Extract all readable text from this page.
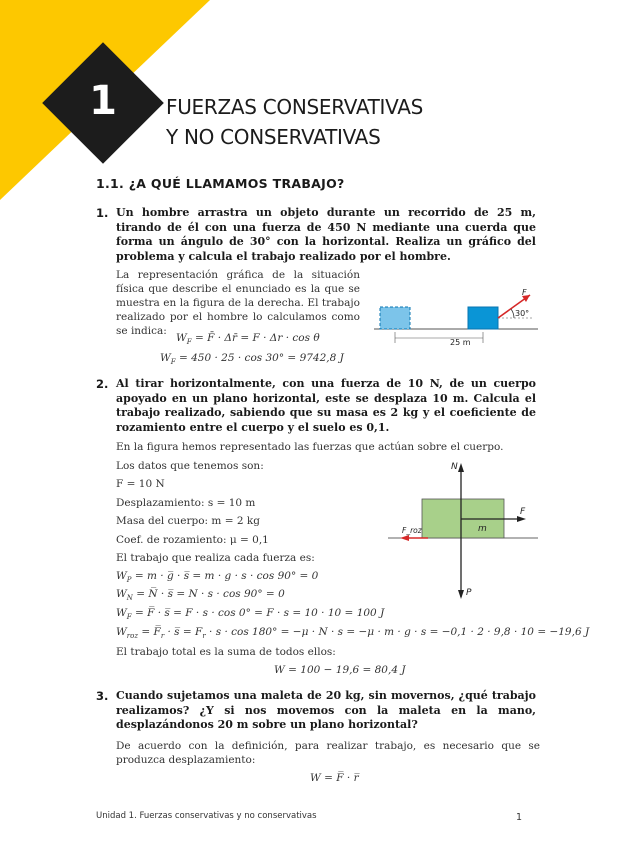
1	FUERZAS CONSERVATIVAS
Y NO CONSERVATIVAS
1.1. ¿A QUÉ LLAMAMOS TRABAJO?
1. Un hombre arrastra un objeto durante un recorrido de 25 m, tirando de él con una fuerza de 450 N mediante una cuerda que forma un ángulo de 30° con la horizontal. Realiza un gráfico del problema y calcula el trabajo realizado por el hombre.
La representación gráfica de la situación física que describe el enunciado es la que se muestra en la figura de la derecha. El trabajo realizado por el hombre lo calculamos como se indica:
$W_F$ = F̄ · Δr̄ = F · Δr · cos θ
$W_F = 450 \cdot 25 \cdot \cos 30^\circ = 9742,8$ J
30°
F
25 m
2. Al tirar horizontalmente, con una fuerza de 10 N, de un cuerpo apoyado en un plano horizontal, este se desplaza 10 m. Calcula el trabajo realizado, sabiendo que su masa es 2 kg y el coeficiente de rozamiento entre el cuerpo y el suelo es 0,1.
En la figura hemos representado las fuerzas que actúan sobre el cuerpo.
Los datos que tenemos son:
F = 10 N
Desplazamiento: s = 10 m
Masa del cuerpo: m = 2 kg
Coef. de rozamiento: μ = 0,1
El trabajo que realiza cada fuerza es:
$W_P = m$ · g̅ · s̅ = m · g · s · cos 90° = 0
$W_N$ = N̅ · s̅ = N · s · cos 90° = 0
$W_F$ = F̅ · s̅ = F · s · cos 0° = F · s = 10 · 10 = 100 J
$W_{roz}$ = $F̅_r$ · s̅ = $F_r \cdot s \cdot \cos 180^\circ = -\mu \cdot N \cdot s = -\mu \cdot m \cdot g \cdot s = -0,1 \cdot 2 \cdot 9,8 \cdot 10 = -19,6$ J
El trabajo total es la suma de todos ellos:
W = 100 − 19,6 = 80,4 J
N
P
F
F_roz	m
3. Cuando sujetamos una maleta de 20 kg, sin movernos, ¿qué trabajo realizamos? ¿Y si nos movemos con la maleta en la mano, desplazándonos 20 m sobre un plano horizontal?
De acuerdo con la definición, para realizar trabajo, es necesario que se produzca desplazamiento:
W = F̅ · r̅
Unidad 1. Fuerzas conservativas y no conservativas	1
